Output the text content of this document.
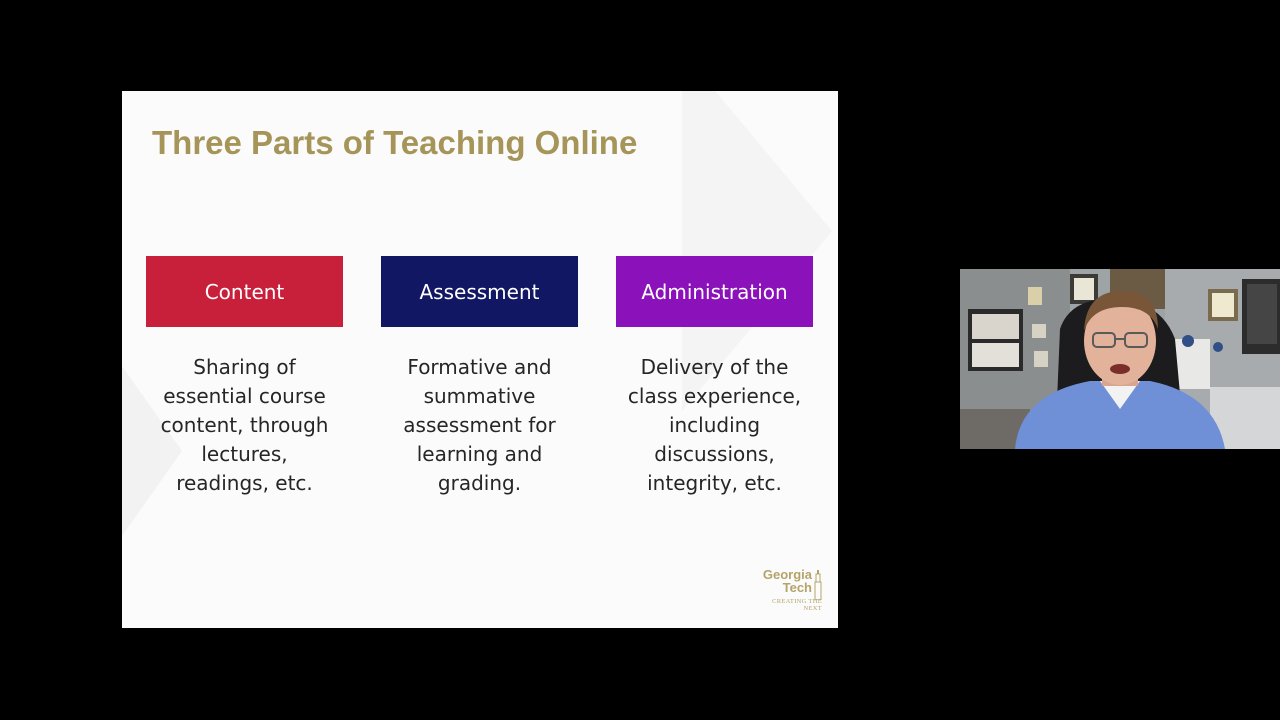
Three Parts of Teaching Online
Content	Assessment	Administration
Sharing of
essential course
content, through
lectures,
readings, etc.
Formative and
summative
assessment for
learning and
grading.
Delivery of the
class experience,
including
discussions,
integrity, etc.
Georgia
Tech
CREATING THE NEXT
